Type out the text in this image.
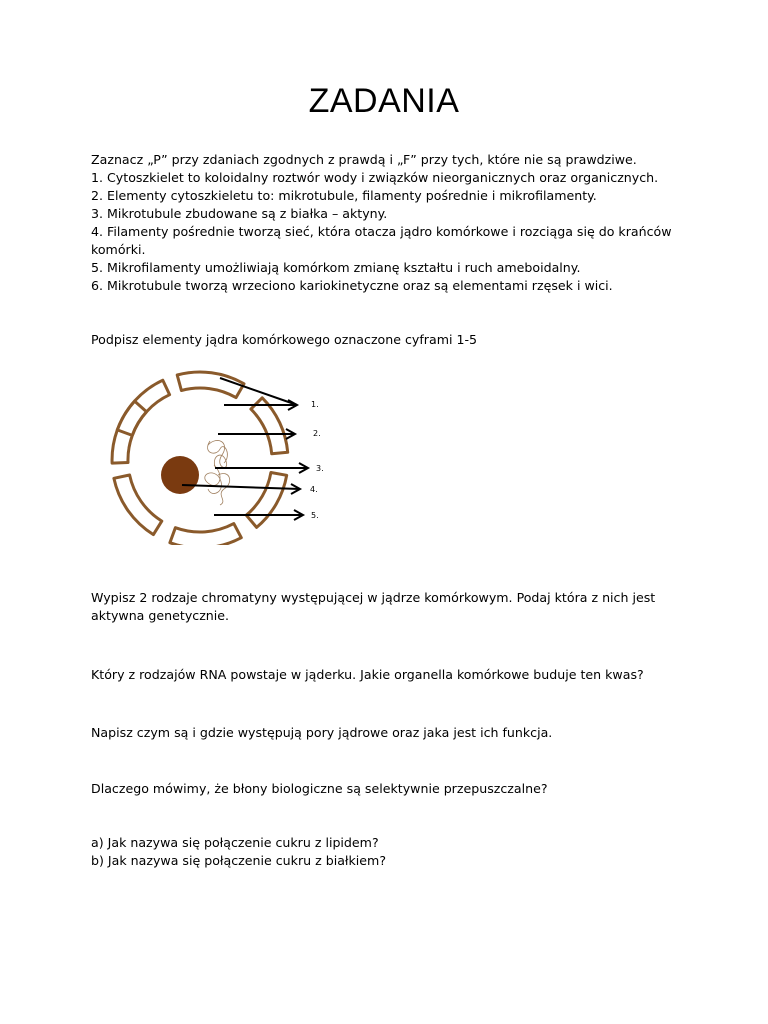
ZADANIA

Zaznacz „P” przy zdaniach zgodnych z prawdą i „F” przy tych, które nie są prawdziwe.

1. Cytoszkielet to koloidalny roztwór wody i związków nieorganicznych oraz organicznych.
2. Elementy cytoszkieletu to: mikrotubule, filamenty pośrednie i mikrofilamenty.
3. Mikrotubule zbudowane są z białka – aktyny.
4. Filamenty pośrednie tworzą sieć, która otacza jądro komórkowe i rozciąga się do krańców komórki.
5. Mikrofilamenty umożliwiają komórkom zmianę kształtu i ruch ameboidalny.
6. Mikrotubule tworzą wrzeciono kariokinetyczne oraz są elementami rzęsek i wici.

Podpisz elementy jądra komórkowego oznaczone cyframi 1-5

1.
2.
3.
4.
5.

Wypisz 2 rodzaje chromatyny występującej w jądrze komórkowym. Podaj która z nich jest aktywna genetycznie.

Który z rodzajów RNA powstaje w jąderku. Jakie organella komórkowe buduje ten kwas?

Napisz czym są i gdzie występują pory jądrowe oraz jaka jest ich funkcja.

Dlaczego mówimy, że błony biologiczne są selektywnie przepuszczalne?

a) Jak nazywa się połączenie cukru z lipidem?

b) Jak nazywa się połączenie cukru z białkiem?
